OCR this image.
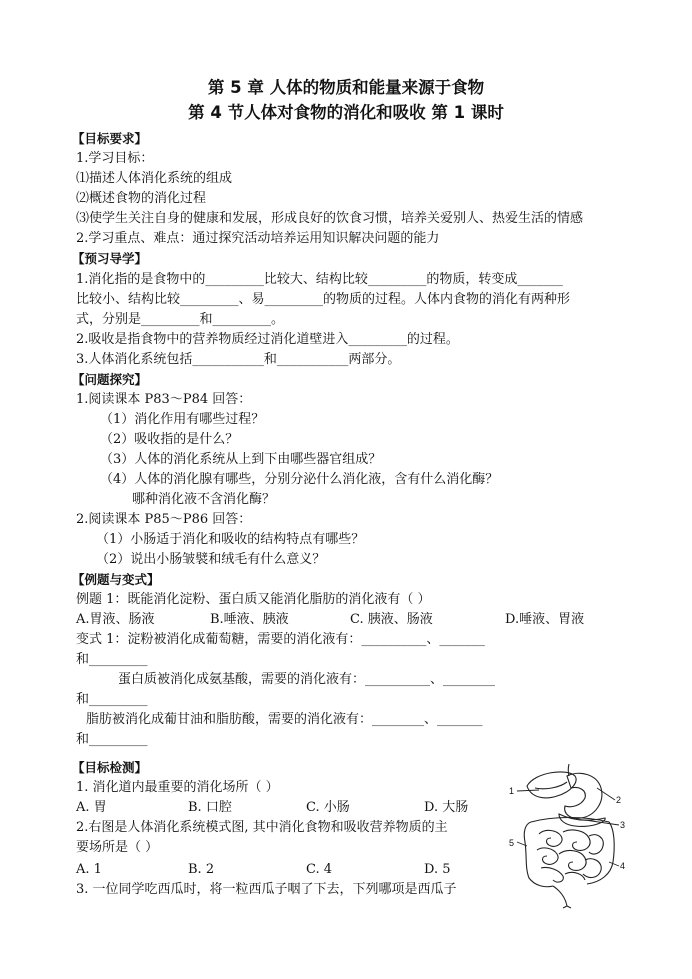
第 5 章 人体的物质和能量来源于食物
第 4 节人体对食物的消化和吸收 第 1 课时
【目标要求】
1.学习目标：
⑴描述人体消化系统的组成
⑵概述食物的消化过程
⑶使学生关注自身的健康和发展，形成良好的饮食习惯，培养关爱别人、热爱生活的情感
2.学习重点、难点：通过探究活动培养运用知识解决问题的能力
【预习导学】
1.消化指的是食物中的_________比较大、结构比较_________的物质，转变成_______
比较小、结构比较_________、易_________的物质的过程。人体内食物的消化有两种形
式，分别是_________和_________。
2.吸收是指食物中的营养物质经过消化道壁进入_________的过程。
3.人体消化系统包括___________和___________两部分。
【问题探究】
1.阅读课本 P83～P84 回答：
（1）消化作用有哪些过程？
（2）吸收指的是什么？
（3）人体的消化系统从上到下由哪些器官组成？
（4）人体的消化腺有哪些，分别分泌什么消化液，含有什么消化酶？
哪种消化液不含消化酶？
2.阅读课本 P85～P86 回答：
（1）小肠适于消化和吸收的结构特点有哪些？
（2）说出小肠皱襞和绒毛有什么意义？
【例题与变式】
例题 1：既能消化淀粉、蛋白质又能消化脂肪的消化液有（ ）
A.胃液、肠液	B.唾液、胰液	C. 胰液、肠液	D.唾液、胃液
变式 1：淀粉被消化成葡萄糖，需要的消化液有：__________、_______
和_________
蛋白质被消化成氨基酸，需要的消化液有：__________、________
和_________
脂肪被消化成葡甘油和脂肪酸，需要的消化液有：________、_______
和_________
【目标检测】
1. 消化道内最重要的消化场所（ ）
A. 胃	B. 口腔	C. 小肠	D. 大肠
2.右图是人体消化系统模式图, 其中消化食物和吸收营养物质的主
要场所是（ ）
A. 1	B. 2	C. 4	D. 5
3. 一位同学吃西瓜时，将一粒西瓜子咽了下去，下列哪项是西瓜子
1
2
3
4
5
